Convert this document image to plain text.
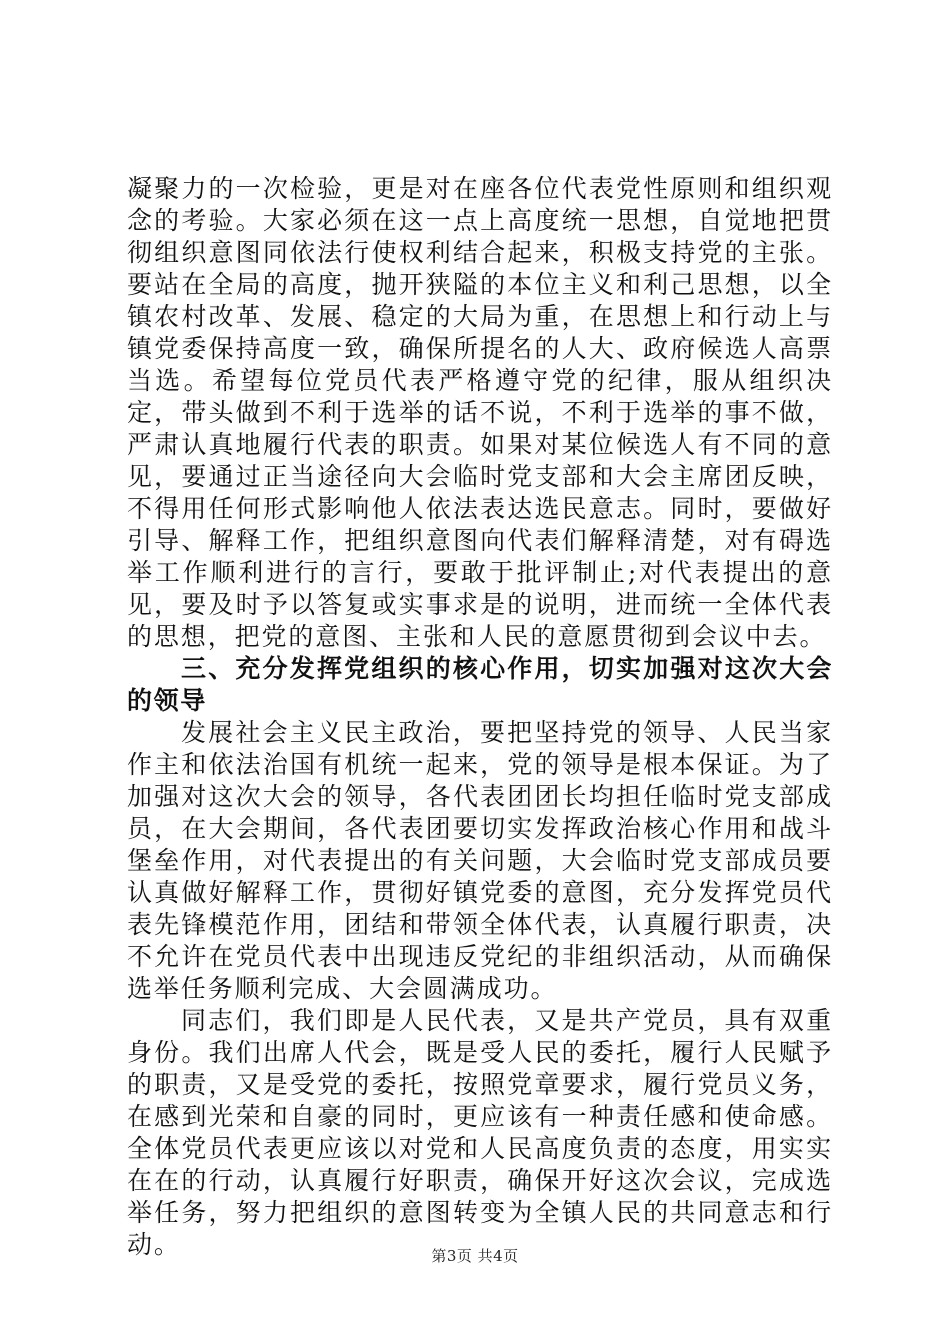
凝聚力的一次检验，更是对在座各位代表党性原则和组织观念的考验。大家必须在这一点上高度统一思想，自觉地把贯彻组织意图同依法行使权利结合起来，积极支持党的主张。要站在全局的高度，抛开狭隘的本位主义和利己思想，以全镇农村改革、发展、稳定的大局为重，在思想上和行动上与镇党委保持高度一致，确保所提名的人大、政府候选人高票当选。希望每位党员代表严格遵守党的纪律，服从组织决定，带头做到不利于选举的话不说，不利于选举的事不做，严肃认真地履行代表的职责。如果对某位候选人有不同的意见，要通过正当途径向大会临时党支部和大会主席团反映，不得用任何形式影响他人依法表达选民意志。同时，要做好引导、解释工作，把组织意图向代表们解释清楚，对有碍选举工作顺利进行的言行，要敢于批评制止;对代表提出的意见，要及时予以答复或实事求是的说明，进而统一全体代表的思想，把党的意图、主张和人民的意愿贯彻到会议中去。

三、充分发挥党组织的核心作用，切实加强对这次大会的领导

发展社会主义民主政治，要把坚持党的领导、人民当家作主和依法治国有机统一起来，党的领导是根本保证。为了加强对这次大会的领导，各代表团团长均担任临时党支部成员，在大会期间，各代表团要切实发挥政治核心作用和战斗堡垒作用，对代表提出的有关问题，大会临时党支部成员要认真做好解释工作，贯彻好镇党委的意图，充分发挥党员代表先锋模范作用，团结和带领全体代表，认真履行职责，决不允许在党员代表中出现违反党纪的非组织活动，从而确保选举任务顺利完成、大会圆满成功。

同志们，我们即是人民代表，又是共产党员，具有双重身份。我们出席人代会，既是受人民的委托，履行人民赋予的职责，又是受党的委托，按照党章要求，履行党员义务，在感到光荣和自豪的同时，更应该有一种责任感和使命感。全体党员代表更应该以对党和人民高度负责的态度，用实实在在的行动，认真履行好职责，确保开好这次会议，完成选举任务，努力把组织的意图转变为全镇人民的共同意志和行动。	第3页 共4页
